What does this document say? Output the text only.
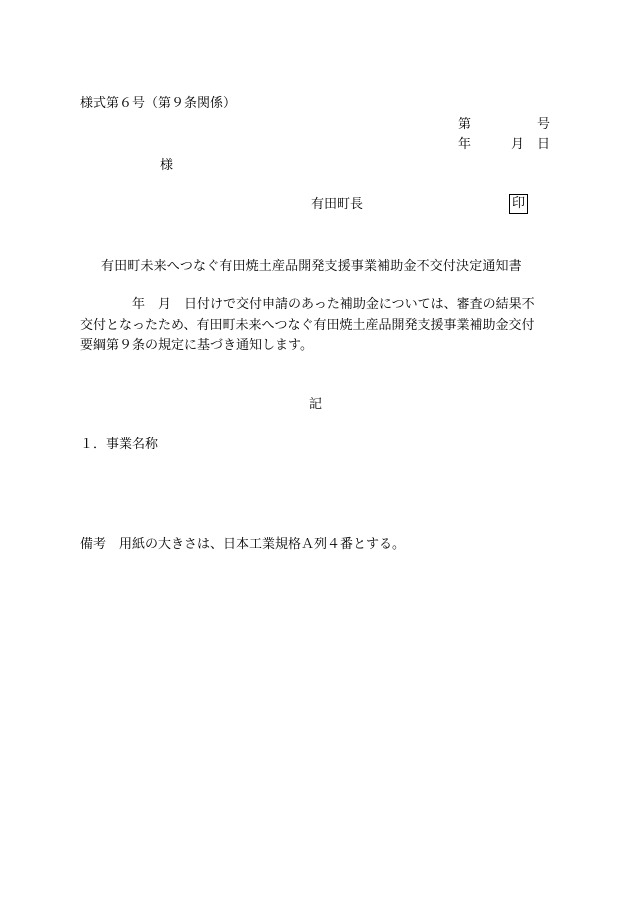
様式第６号（第９条関係）
第	号
年	月 日
様
有田町長	印
有田町未来へつなぐ有田焼土産品開発支援事業補助金不交付決定通知書

　　　　年　月　日付けで交付申請のあった補助金については、審査の結果不

交付となったため、有田町未来へつなぐ有田焼土産品開発支援事業補助金交付

要綱第９条の規定に基づき通知します。

記
１．事業名称
備考　用紙の大きさは、日本工業規格Ａ列４番とする。
